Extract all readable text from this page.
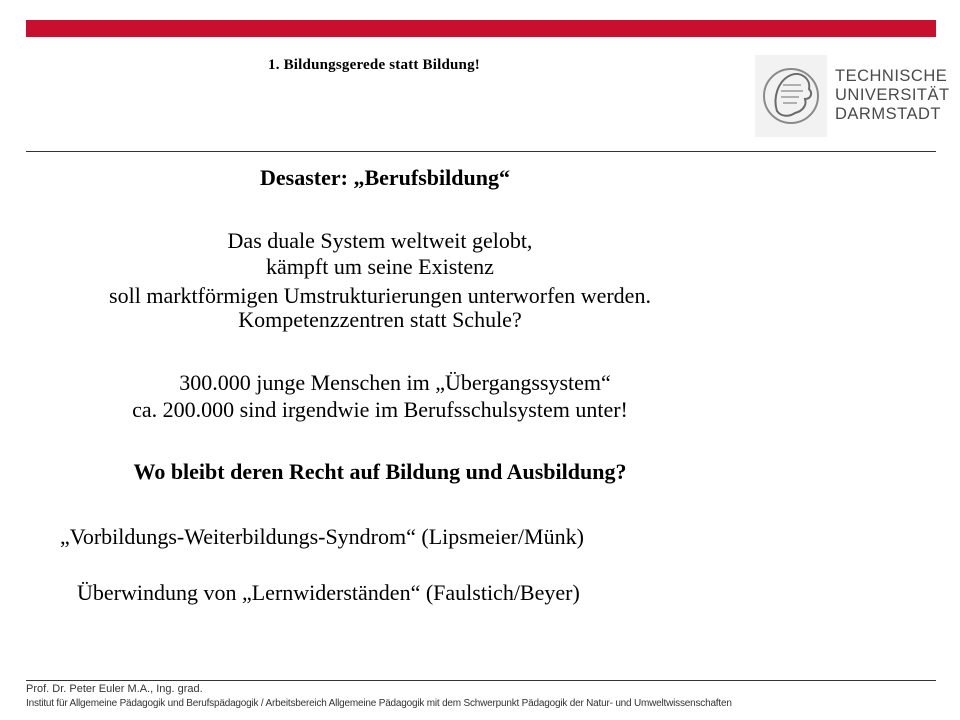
1. Bildungsgerede statt Bildung!
TECHNISCHE
UNIVERSITÄT
DARMSTADT
Desaster: „Berufsbildung“
Das duale System weltweit gelobt,
kämpft um seine Existenz
soll marktförmigen Umstrukturierungen unterworfen werden.
Kompetenzzentren statt Schule?
300.000 junge Menschen im „Übergangssystem“
ca. 200.000 sind irgendwie im Berufsschulsystem unter!
Wo bleibt deren Recht auf Bildung und Ausbildung?
„Vorbildungs-Weiterbildungs-Syndrom“ (Lipsmeier/Münk)
Überwindung von „Lernwiderständen“ (Faulstich/Beyer)
Prof. Dr. Peter Euler M.A., Ing. grad.
Institut für Allgemeine Pädagogik und Berufspädagogik / Arbeitsbereich Allgemeine Pädagogik mit dem Schwerpunkt Pädagogik der Natur- und Umweltwissenschaften
